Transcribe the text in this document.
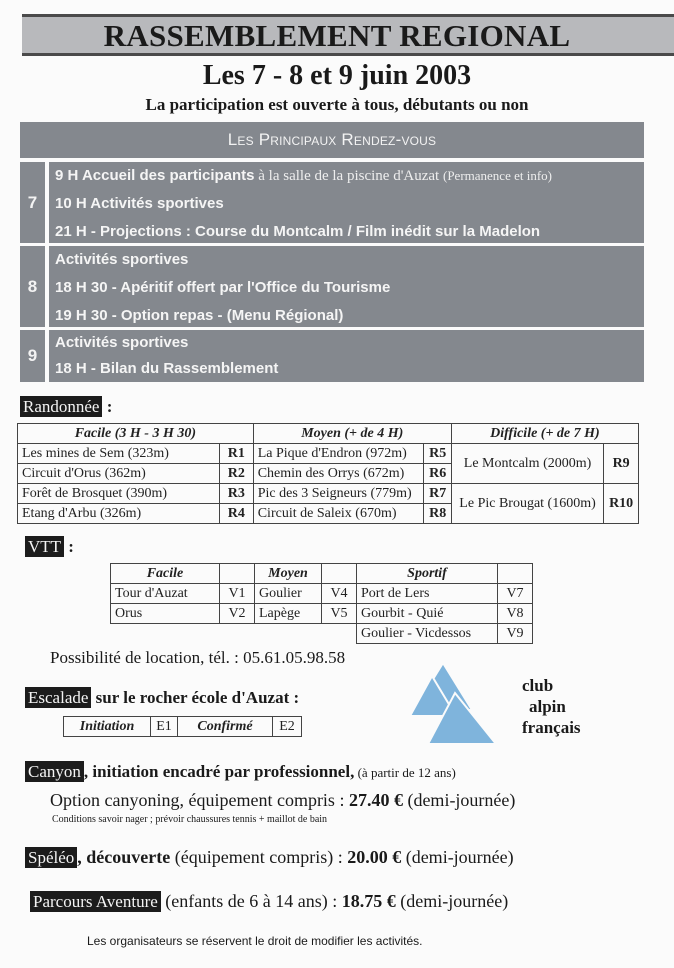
RASSEMBLEMENT REGIONAL
Les 7 - 8 et 9 juin 2003
La participation est ouverte à tous, débutants ou non
Les Principaux Rendez-vous
7
9 H Accueil des participants à la salle de la piscine d'Auzat (Permanence et info)
10 H Activités sportives
21 H - Projections : Course du Montcalm / Film inédit sur la Madelon
8
Activités sportives
18 H 30 - Apéritif offert par l'Office du Tourisme
19 H 30 - Option repas - (Menu Régional)
9
Activités sportives
18 H - Bilan du Rassemblement
Randonnée :
Facile (3 H - 3 H 30)		Moyen (+ de 4 H)		Difficile (+ de 7 H)	
Les mines de Sem (323m)	R1	La Pique d'Endron (972m)	R5	Le Montcalm (2000m)	R9
Circuit d'Orus (362m)	R2	Chemin des Orrys (672m)	R6		
Forêt de Brosquet (390m)	R3	Pic des 3 Seigneurs (779m)	R7	Le Pic Brougat (1600m)	R10
Etang d'Arbu (326m)	R4	Circuit de Saleix (670m)	R8		
VTT :
Facile		Moyen		Sportif	
Tour d'Auzat	V1	Goulier	V4	Port de Lers	V7
Orus	V2	Lapège	V5	Gourbit - Quié	V8
				Goulier - Vicdessos	V9
Possibilité de location, tél. : 05.61.05.98.58
Escalade sur le rocher école d'Auzat :
Initiation	E1	Confirmé	E2
club
alpin
français
Canyon , initiation encadré par professionnel, (à partir de 12 ans)
Option canyoning, équipement compris : 27.40 € (demi-journée)
Conditions savoir nager ; prévoir chaussures tennis + maillot de bain
Spéléo , découverte (équipement compris) : 20.00 € (demi-journée)
Parcours Aventure (enfants de 6 à 14 ans) : 18.75 € (demi-journée)
Les organisateurs se réservent le droit de modifier les activités.
